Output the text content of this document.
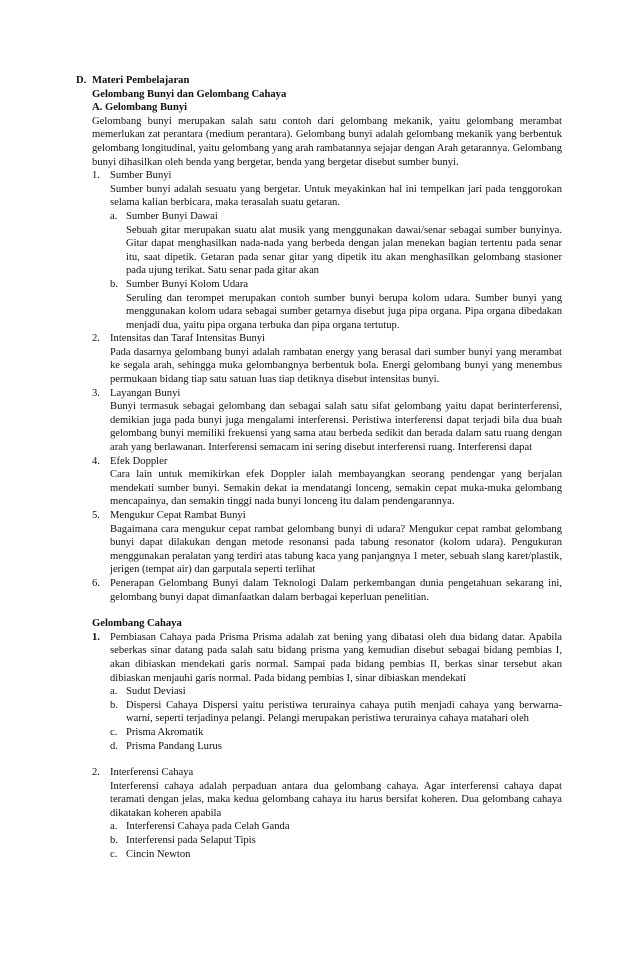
D. Materi Pembelajaran
Gelombang Bunyi dan Gelombang Cahaya
A. Gelombang Bunyi

Gelombang bunyi merupakan salah satu contoh dari gelombang mekanik, yaitu gelombang merambat memerlukan zat perantara (medium perantara). Gelombang bunyi adalah gelombang mekanik yang berbentuk gelombang longitudinal, yaitu gelombang yang arah rambatannya sejajar dengan Arah getarannya. Gelombang bunyi dihasilkan oleh benda yang bergetar, benda yang bergetar disebut sumber bunyi.

1. Sumber Bunyi

Sumber bunyi adalah sesuatu yang bergetar. Untuk meyakinkan hal ini tempelkan jari pada tenggorokan selama kalian berbicara, maka terasalah suatu getaran.

a. Sumber Bunyi Dawai

Sebuah gitar merupakan suatu alat musik yang menggunakan dawai/senar sebagai sumber bunyinya. Gitar dapat menghasilkan nada-nada yang berbeda dengan jalan menekan bagian tertentu pada senar itu, saat dipetik. Getaran pada senar gitar yang dipetik itu akan menghasilkan gelombang stasioner pada ujung terikat. Satu senar pada gitar akan

b. Sumber Bunyi Kolom Udara

Seruling dan terompet merupakan contoh sumber bunyi berupa kolom udara. Sumber bunyi yang menggunakan kolom udara sebagai sumber getarnya disebut juga pipa organa. Pipa organa dibedakan menjadi dua, yaitu pipa organa terbuka dan pipa organa tertutup.

2. Intensitas dan Taraf Intensitas Bunyi

Pada dasarnya gelombang bunyi adalah rambatan energy yang berasal dari sumber bunyi yang merambat ke segala arah, sehingga muka gelombangnya berbentuk bola. Energi gelombang bunyi yang menembus permukaan bidang tiap satu satuan luas tiap detiknya disebut intensitas bunyi.

3. Layangan Bunyi

Bunyi termasuk sebagai gelombang dan sebagai salah satu sifat gelombang yaitu dapat berinterferensi, demikian juga pada bunyi juga mengalami interferensi. Peristiwa interferensi dapat terjadi bila dua buah gelombang bunyi memiliki frekuensi yang sama atau berbeda sedikit dan berada dalam satu ruang dengan arah yang berlawanan. Interferensi semacam ini sering disebut interferensi ruang. Interferensi dapat

4. Efek Doppler

Cara lain untuk memikirkan efek Doppler ialah membayangkan seorang pendengar yang berjalan mendekati sumber bunyi. Semakin dekat ia mendatangi lonceng, semakin cepat muka-muka gelombang mencapainya, dan semakin tinggi nada bunyi lonceng itu dalam pendengarannya.

5. Mengukur Cepat Rambat Bunyi

Bagaimana cara mengukur cepat rambat gelombang bunyi di udara? Mengukur cepat rambat gelombang bunyi dapat dilakukan dengan metode resonansi pada tabung resonator (kolom udara). Pengukuran menggunakan peralatan yang terdiri atas tabung kaca yang panjangnya 1 meter, sebuah slang karet/plastik, jerigen (tempat air) dan garputala seperti terlihat

6. Penerapan Gelombang Bunyi dalam Teknologi Dalam perkembangan dunia pengetahuan sekarang ini, gelombang bunyi dapat dimanfaatkan dalam berbagai keperluan penelitian.

Gelombang Cahaya
1. Pembiasan Cahaya pada Prisma Prisma adalah zat bening yang dibatasi oleh dua bidang datar. Apabila seberkas sinar datang pada salah satu bidang prisma yang kemudian disebut sebagai bidang pembias I, akan dibiaskan mendekati garis normal. Sampai pada bidang pembias II, berkas sinar tersebut akan dibiaskan menjauhi garis normal. Pada bidang pembias I, sinar dibiaskan mendekati

a. Sudut Deviasi

b. Dispersi Cahaya Dispersi yaitu peristiwa terurainya cahaya putih menjadi cahaya yang berwarna-warni, seperti terjadinya pelangi. Pelangi merupakan peristiwa terurainya cahaya matahari oleh

c. Prisma Akromatik

d. Prisma Pandang Lurus

2. Interferensi Cahaya

Interferensi cahaya adalah perpaduan antara dua gelombang cahaya. Agar interferensi cahaya dapat teramati dengan jelas, maka kedua gelombang cahaya itu harus bersifat koheren. Dua gelombang cahaya dikatakan koheren apabila

a. Interferensi Cahaya pada Celah Ganda

b. Interferensi pada Selaput Tipis

c. Cincin Newton
